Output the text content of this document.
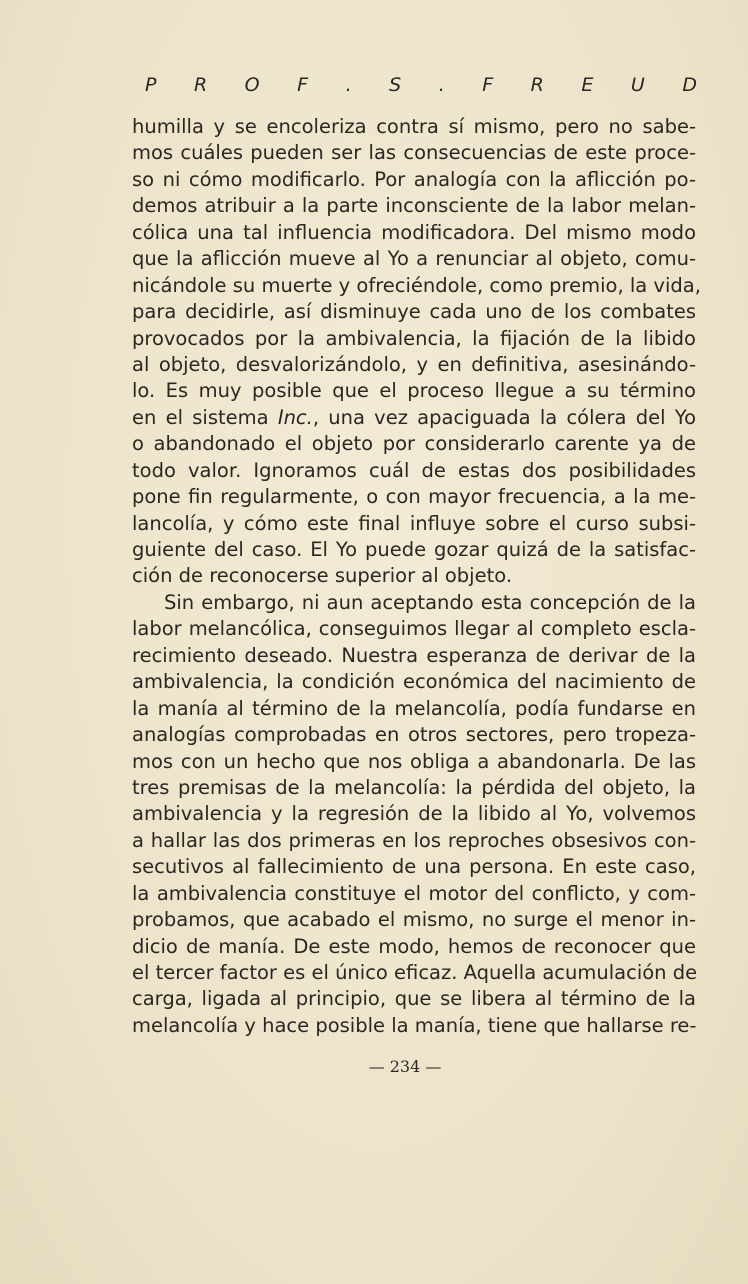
P R O F . S . F R E U D
humilla y se encoleriza contra sí mismo, pero no sabe-
mos cuáles pueden ser las consecuencias de este proce-
so ni cómo modificarlo. Por analogía con la aflicción po-
demos atribuir a la parte inconsciente de la labor melan-
cólica una tal influencia modificadora. Del mismo modo
que la aflicción mueve al Yo a renunciar al objeto, comu-
nicándole su muerte y ofreciéndole, como premio, la vida,
para decidirle, así disminuye cada uno de los combates
provocados por la ambivalencia, la fijación de la libido
al objeto, desvalorizándolo, y en definitiva, asesinándo-
lo. Es muy posible que el proceso llegue a su término
en el sistema Inc., una vez apaciguada la cólera del Yo
o abandonado el objeto por considerarlo carente ya de
todo valor. Ignoramos cuál de estas dos posibilidades
pone fin regularmente, o con mayor frecuencia, a la me-
lancolía, y cómo este final influye sobre el curso subsi-
guiente del caso. El Yo puede gozar quizá de la satisfac-
ción de reconocerse superior al objeto.
Sin embargo, ni aun aceptando esta concepción de la
labor melancólica, conseguimos llegar al completo escla-
recimiento deseado. Nuestra esperanza de derivar de la
ambivalencia, la condición económica del nacimiento de
la manía al término de la melancolía, podía fundarse en
analogías comprobadas en otros sectores, pero tropeza-
mos con un hecho que nos obliga a abandonarla. De las
tres premisas de la melancolía: la pérdida del objeto, la
ambivalencia y la regresión de la libido al Yo, volvemos
a hallar las dos primeras en los reproches obsesivos con-
secutivos al fallecimiento de una persona. En este caso,
la ambivalencia constituye el motor del conflicto, y com-
probamos, que acabado el mismo, no surge el menor in-
dicio de manía. De este modo, hemos de reconocer que
el tercer factor es el único eficaz. Aquella acumulación de
carga, ligada al principio, que se libera al término de la
melancolía y hace posible la manía, tiene que hallarse re-
— 234 —
